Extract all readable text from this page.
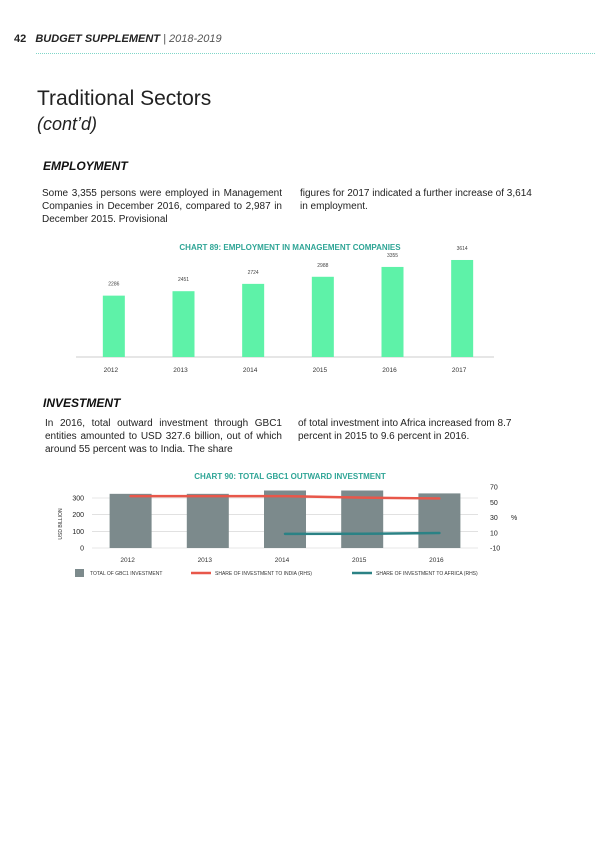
42 BUDGET SUPPLEMENT | 2018-2019
Traditional Sectors
(cont’d)
EMPLOYMENT
Some 3,355 persons were employed in Management Companies in December 2016, compared to 2,987 in December 2015. Provisional
figures for 2017 indicated a further increase of 3,614 in employment.
CHART 89: EMPLOYMENT IN MANAGEMENT COMPANIES
2286
2012
2451
2013
2724
2014
2988
2015
3355
2016
3614
2017
INVESTMENT
In 2016, total outward investment through GBC1 entities amounted to USD 327.6 billion, out of which around 55 percent was to India. The share
of total investment into Africa increased from 8.7 percent in 2015 to 9.6 percent in 2016.
CHART 90: TOTAL GBC1 OUTWARD INVESTMENT
0
100
200
300
-10
10
30
50
70
%
USD BILLION
2012	2013	2014	2015	2016
TOTAL OF GBC1 INVESTMENT	SHARE OF INVESTMENT TO INDIA (RHS)	SHARE OF INVESTMENT TO AFRICA (RHS)
